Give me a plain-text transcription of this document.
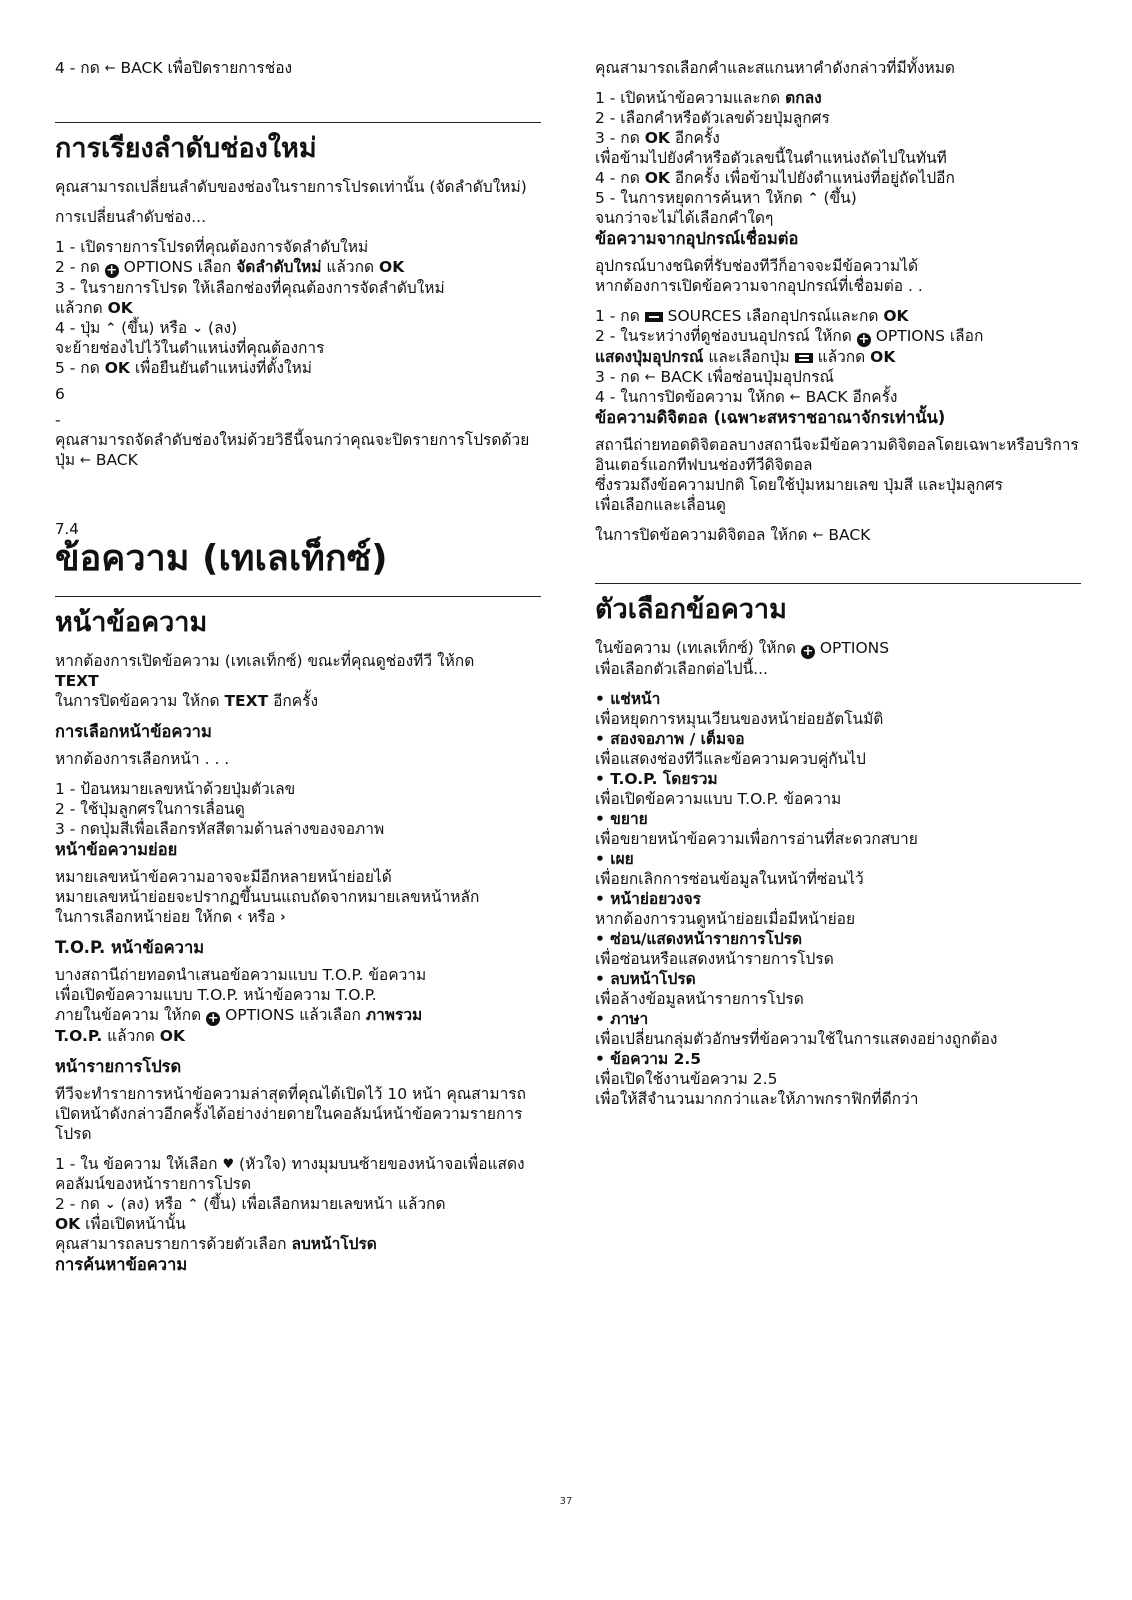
4 - กด ← BACK เพื่อปิดรายการช่อง

การเรียงลำดับช่องใหม่

คุณสามารถเปลี่ยนลำดับของช่องในรายการโปรดเท่านั้น (จัดลำดับใหม่)

การเปลี่ยนลำดับช่อง...

1 - เปิดรายการโปรดที่คุณต้องการจัดลำดับใหม่

2 - กด + OPTIONS เลือก จัดลำดับใหม่ แล้วกด OK

3 - ในรายการโปรด ให้เลือกช่องที่คุณต้องการจัดลำดับใหม่
แล้วกด OK

4 - ปุ่ม ⌃ (ขึ้น) หรือ ⌄ (ลง)
จะย้ายช่องไปไว้ในตำแหน่งที่คุณต้องการ

5 - กด OK เพื่อยืนยันตำแหน่งที่ตั้งใหม่

6

-

คุณสามารถจัดลำดับช่องใหม่ด้วยวิธีนี้จนกว่าคุณจะปิดรายการโปรดด้วยปุ่ม ← BACK

7.4

ข้อความ (เทเลเท็กซ์)
หน้าข้อความ

หากต้องการเปิดข้อความ (เทเลเท็กซ์) ขณะที่คุณดูช่องทีวี ให้กด
TEXT

ในการปิดข้อความ ให้กด TEXT อีกครั้ง

การเลือกหน้าข้อความ

หากต้องการเลือกหน้า . . .

1 - ป้อนหมายเลขหน้าด้วยปุ่มตัวเลข

2 - ใช้ปุ่มลูกศรในการเลื่อนดู

3 - กดปุ่มสีเพื่อเลือกรหัสสีตามด้านล่างของจอภาพ

หน้าข้อความย่อย

หมายเลขหน้าข้อความอาจจะมีอีกหลายหน้าย่อยได้

หมายเลขหน้าย่อยจะปรากฏขึ้นบนแถบถัดจากหมายเลขหน้าหลัก

ในการเลือกหน้าย่อย ให้กด ‹ หรือ ›

T.O.P. หน้าข้อความ

บางสถานีถ่ายทอดนำเสนอข้อความแบบ T.O.P. ข้อความ

เพื่อเปิดข้อความแบบ T.O.P. หน้าข้อความ T.O.P.

ภายในข้อความ ให้กด + OPTIONS แล้วเลือก ภาพรวม

T.O.P. แล้วกด OK

หน้ารายการโปรด

ทีวีจะทำรายการหน้าข้อความล่าสุดที่คุณได้เปิดไว้ 10 หน้า คุณสามารถเปิดหน้าดังกล่าวอีกครั้งได้อย่างง่ายดายในคอลัมน์หน้าข้อความรายการโปรด

1 - ใน ข้อความ ให้เลือก ♥ (หัวใจ) ทางมุมบนซ้ายของหน้าจอเพื่อแสดงคอลัมน์ของหน้ารายการโปรด

2 - กด ⌄ (ลง) หรือ ⌃ (ขึ้น) เพื่อเลือกหมายเลขหน้า แล้วกด
OK เพื่อเปิดหน้านั้น

คุณสามารถลบรายการด้วยตัวเลือก ลบหน้าโปรด

การค้นหาข้อความ

คุณสามารถเลือกคำและสแกนหาคำดังกล่าวที่มีทั้งหมด

1 - เปิดหน้าข้อความและกด ตกลง

2 - เลือกคำหรือตัวเลขด้วยปุ่มลูกศร

3 - กด OK อีกครั้ง
เพื่อข้ามไปยังคำหรือตัวเลขนี้ในตำแหน่งถัดไปในทันที

4 - กด OK อีกครั้ง เพื่อข้ามไปยังตำแหน่งที่อยู่ถัดไปอีก

5 - ในการหยุดการค้นหา ให้กด ⌃ (ขึ้น)
จนกว่าจะไม่ได้เลือกคำใดๆ

ข้อความจากอุปกรณ์เชื่อมต่อ

อุปกรณ์บางชนิดที่รับช่องทีวีก็อาจจะมีข้อความได้

หากต้องการเปิดข้อความจากอุปกรณ์ที่เชื่อมต่อ . .

1 - กด SOURCES เลือกอุปกรณ์และกด OK

2 - ในระหว่างที่ดูช่องบนอุปกรณ์ ให้กด + OPTIONS เลือก
แสดงปุ่มอุปกรณ์ และเลือกปุ่ม แล้วกด OK

3 - กด ← BACK เพื่อซ่อนปุ่มอุปกรณ์

4 - ในการปิดข้อความ ให้กด ← BACK อีกครั้ง

ข้อความดิจิตอล (เฉพาะสหราชอาณาจักรเท่านั้น)

สถานีถ่ายทอดดิจิตอลบางสถานีจะมีข้อความดิจิตอลโดยเฉพาะหรือบริการอินเตอร์แอกทีฟบนช่องทีวีดิจิตอล

ซึ่งรวมถึงข้อความปกติ โดยใช้ปุ่มหมายเลข ปุ่มสี และปุ่มลูกศร

เพื่อเลือกและเลื่อนดู

ในการปิดข้อความดิจิตอล ให้กด ← BACK

ตัวเลือกข้อความ

ในข้อความ (เทเลเท็กซ์) ให้กด + OPTIONS
เพื่อเลือกตัวเลือกต่อไปนี้...

• แช่หน้า

เพื่อหยุดการหมุนเวียนของหน้าย่อยอัตโนมัติ

• สองจอภาพ / เต็มจอ

เพื่อแสดงช่องทีวีและข้อความควบคู่กันไป

• T.O.P. โดยรวม

เพื่อเปิดข้อความแบบ T.O.P. ข้อความ

• ขยาย

เพื่อขยายหน้าข้อความเพื่อการอ่านที่สะดวกสบาย

• เผย

เพื่อยกเลิกการซ่อนข้อมูลในหน้าที่ซ่อนไว้

• หน้าย่อยวงจร

หากต้องการวนดูหน้าย่อยเมื่อมีหน้าย่อย

• ซ่อน/แสดงหน้ารายการโปรด

เพื่อซ่อนหรือแสดงหน้ารายการโปรด

• ลบหน้าโปรด

เพื่อล้างข้อมูลหน้ารายการโปรด

• ภาษา

เพื่อเปลี่ยนกลุ่มตัวอักษรที่ข้อความใช้ในการแสดงอย่างถูกต้อง

• ข้อความ 2.5

เพื่อเปิดใช้งานข้อความ 2.5

เพื่อให้สีจำนวนมากกว่าและให้ภาพกราฟิกที่ดีกว่า

37
